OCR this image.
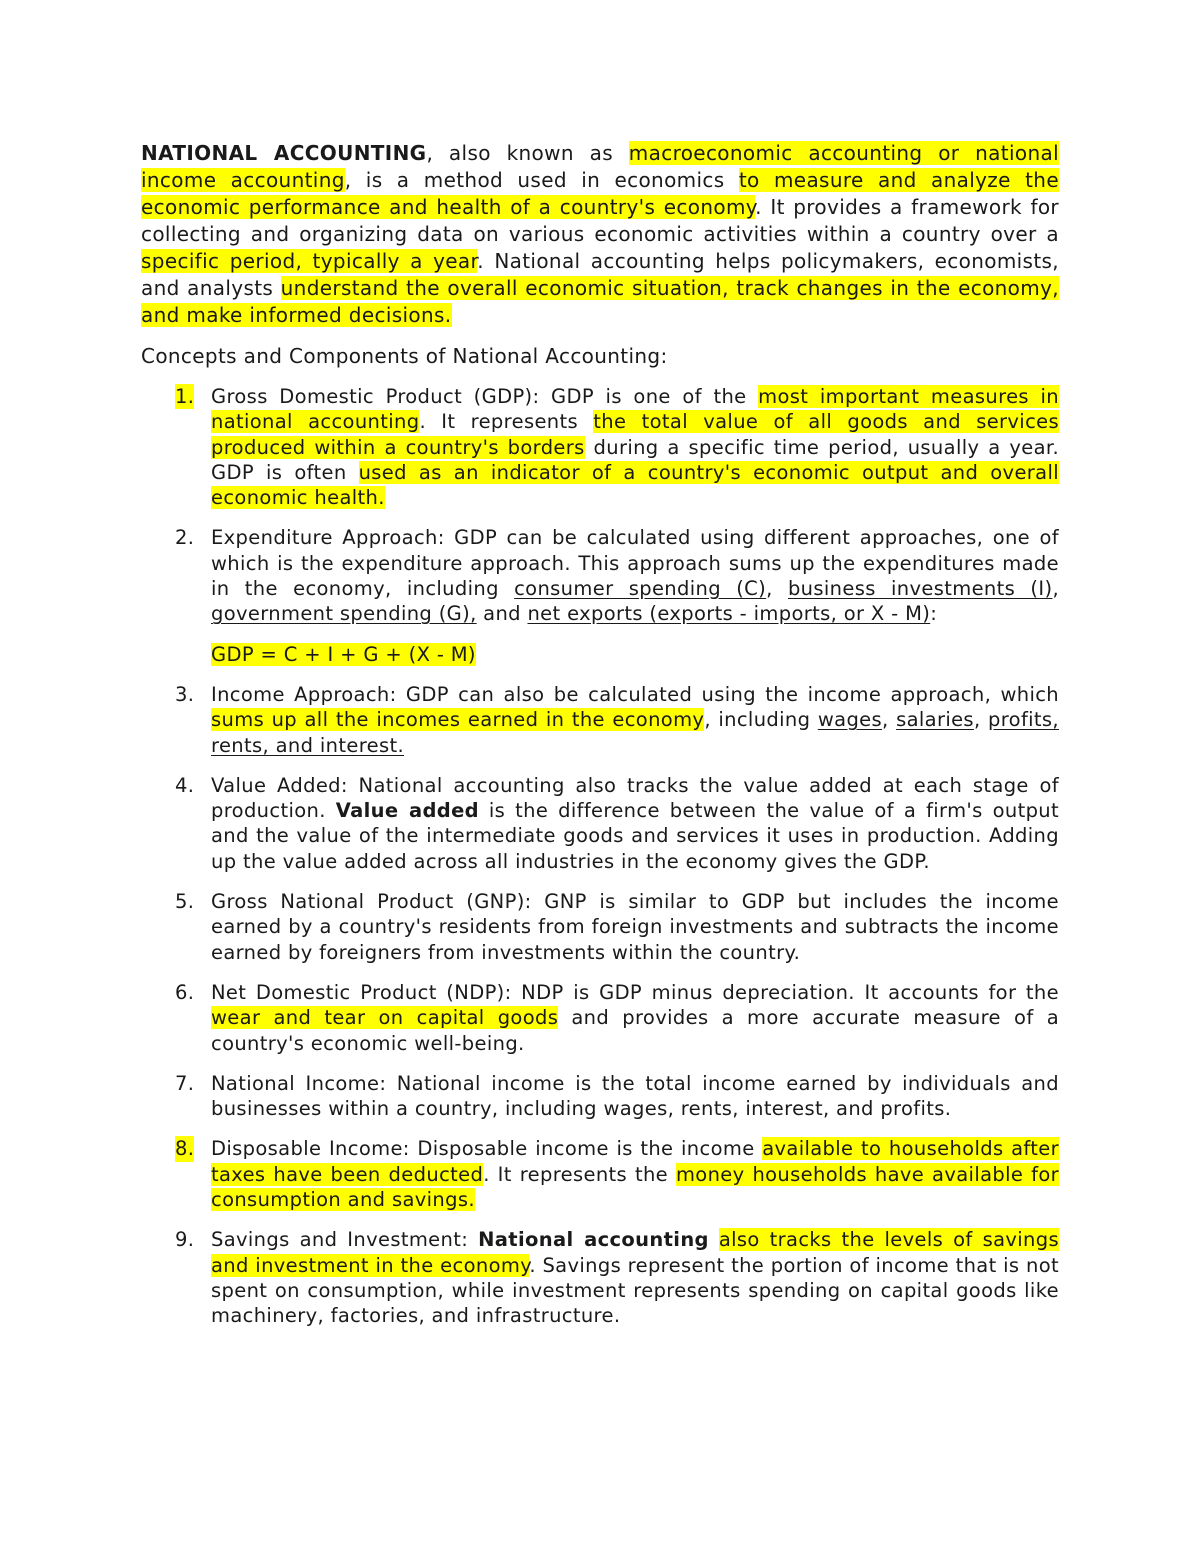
NATIONAL ACCOUNTING, also known as macroeconomic accounting or national income accounting, is a method used in economics to measure and analyze the economic performance and health of a country's economy. It provides a framework for collecting and organizing data on various economic activities within a country over a specific period, typically a year. National accounting helps policymakers, economists, and analysts understand the overall economic situation, track changes in the economy, and make informed decisions.

Concepts and Components of National Accounting:

1. Gross Domestic Product (GDP): GDP is one of the most important measures in national accounting. It represents the total value of all goods and services produced within a country's borders during a specific time period, usually a year. GDP is often used as an indicator of a country's economic output and overall economic health.
2. Expenditure Approach: GDP can be calculated using different approaches, one of which is the expenditure approach. This approach sums up the expenditures made in the economy, including consumer spending (C), business investments (I), government spending (G), and net exports (exports - imports, or X - M):
GDP = C + I + G + (X - M)
3. Income Approach: GDP can also be calculated using the income approach, which sums up all the incomes earned in the economy, including wages, salaries, profits, rents, and interest.
4. Value Added: National accounting also tracks the value added at each stage of production. Value added is the difference between the value of a firm's output and the value of the intermediate goods and services it uses in production. Adding up the value added across all industries in the economy gives the GDP.
5. Gross National Product (GNP): GNP is similar to GDP but includes the income earned by a country's residents from foreign investments and subtracts the income earned by foreigners from investments within the country.
6. Net Domestic Product (NDP): NDP is GDP minus depreciation. It accounts for the wear and tear on capital goods and provides a more accurate measure of a country's economic well-being.
7. National Income: National income is the total income earned by individuals and businesses within a country, including wages, rents, interest, and profits.
8. Disposable Income: Disposable income is the income available to households after taxes have been deducted. It represents the money households have available for consumption and savings.
9. Savings and Investment: National accounting also tracks the levels of savings and investment in the economy. Savings represent the portion of income that is not spent on consumption, while investment represents spending on capital goods like machinery, factories, and infrastructure.
